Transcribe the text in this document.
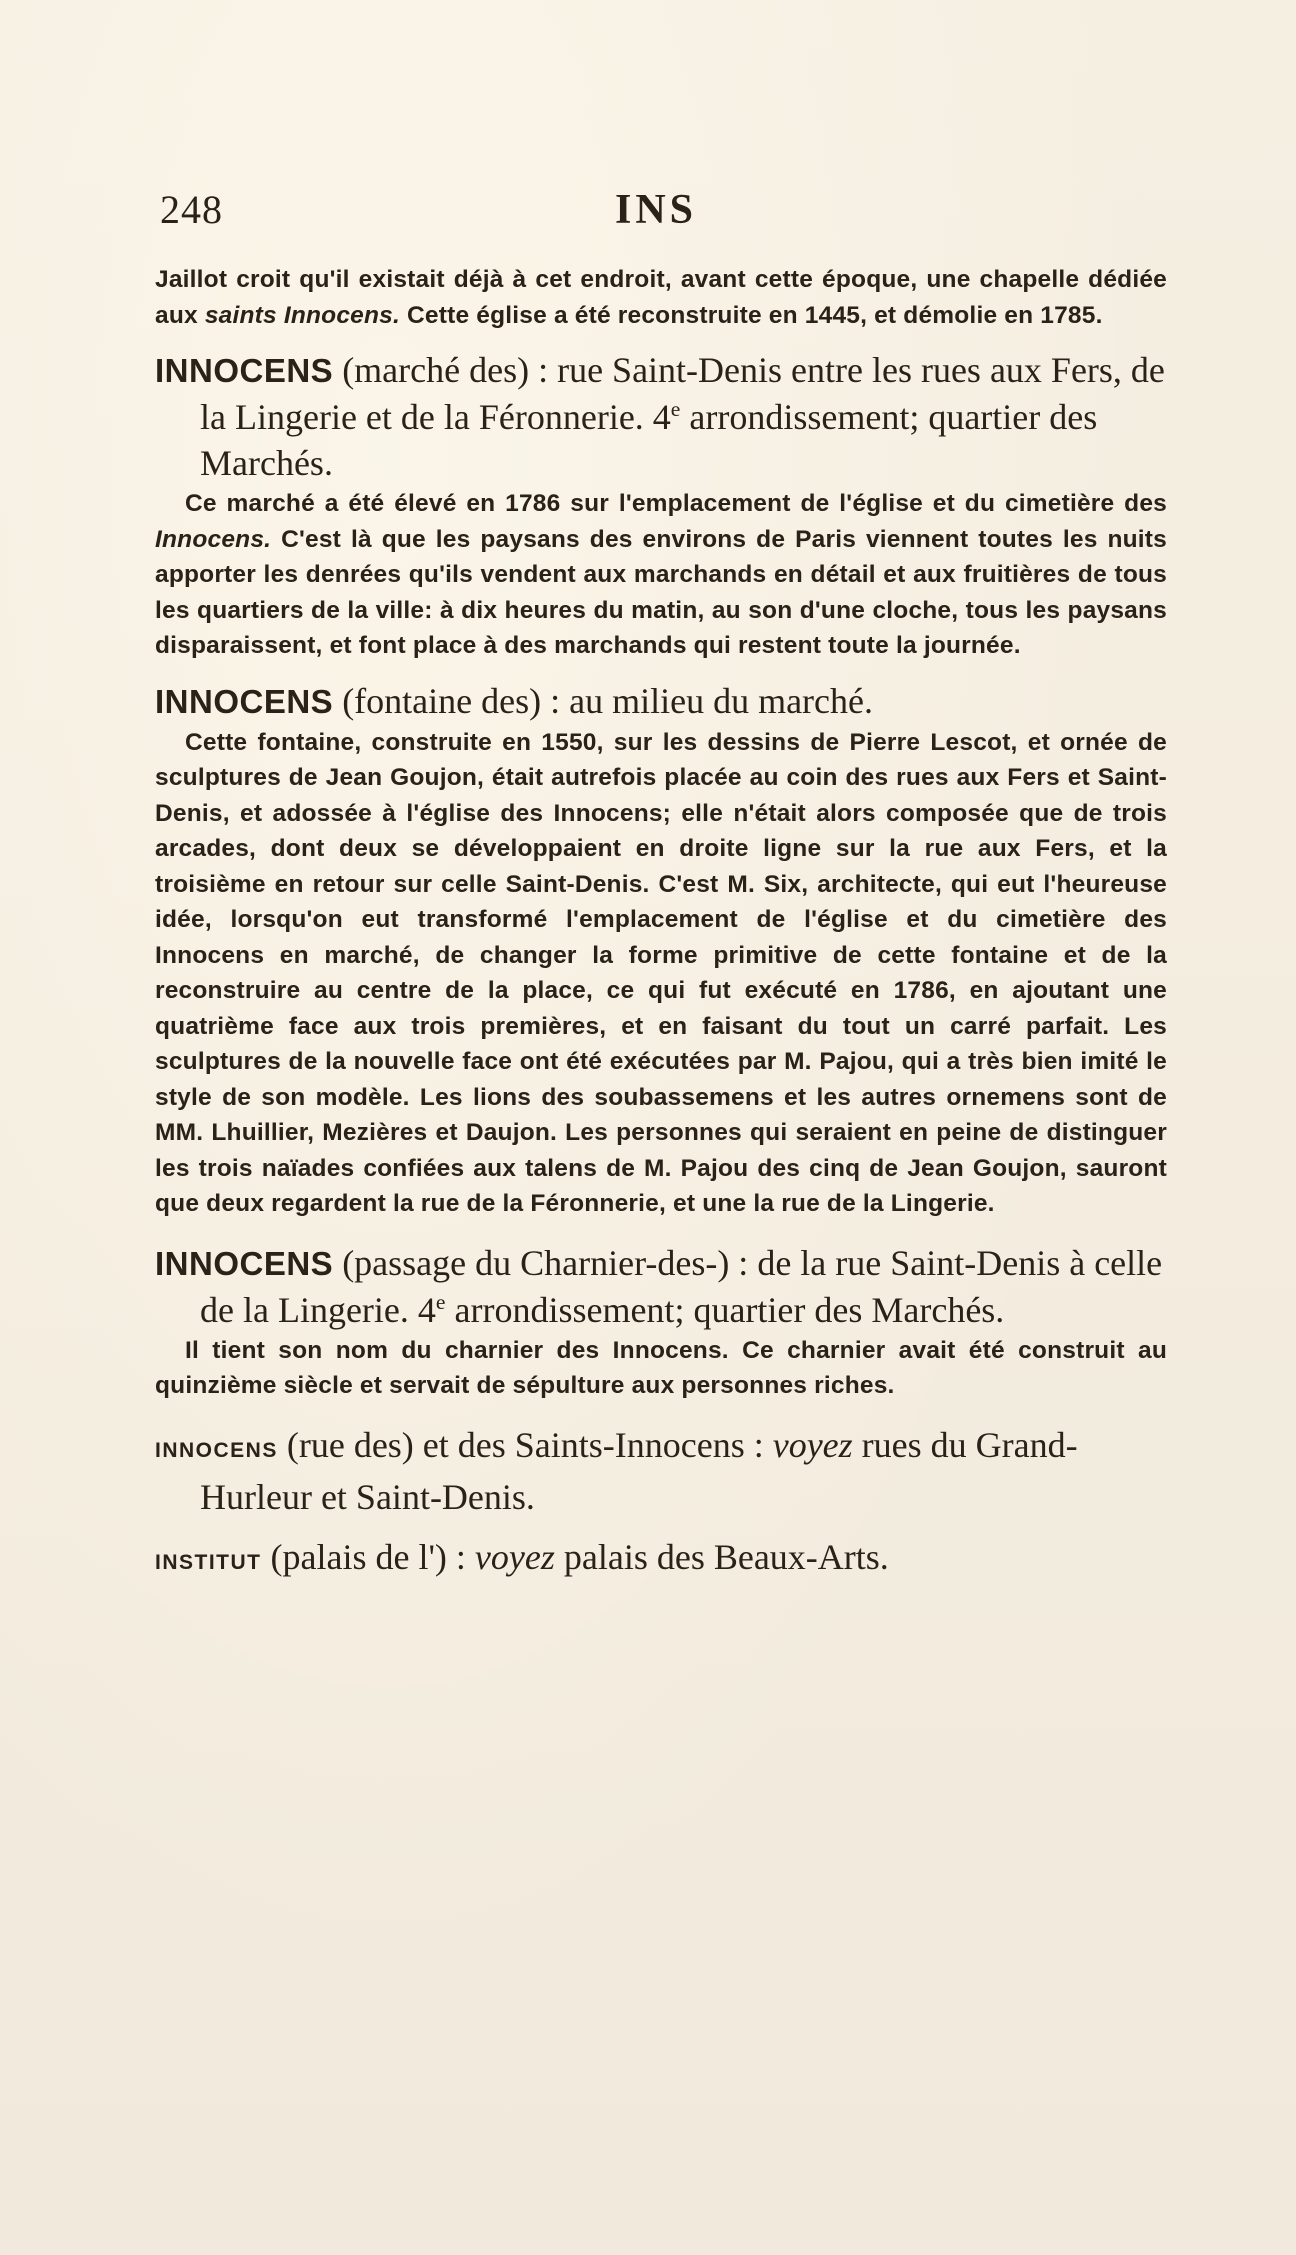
248	INS

Jaillot croit qu'il existait déjà à cet endroit, avant cette époque, une chapelle dédiée aux saints Innocens. Cette église a été reconstruite en 1445, et démolie en 1785.

INNOCENS (marché des) : rue Saint-Denis entre les rues aux Fers, de la Lingerie et de la Féronnerie. 4e arrondissement; quartier des Marchés.

Ce marché a été élevé en 1786 sur l'emplacement de l'église et du cimetière des Innocens. C'est là que les paysans des environs de Paris viennent toutes les nuits apporter les denrées qu'ils vendent aux marchands en détail et aux fruitières de tous les quartiers de la ville: à dix heures du matin, au son d'une cloche, tous les paysans disparaissent, et font place à des marchands qui restent toute la journée.

INNOCENS (fontaine des) : au milieu du marché.

Cette fontaine, construite en 1550, sur les dessins de Pierre Lescot, et ornée de sculptures de Jean Goujon, était autrefois placée au coin des rues aux Fers et Saint-Denis, et adossée à l'église des Innocens; elle n'était alors composée que de trois arcades, dont deux se développaient en droite ligne sur la rue aux Fers, et la troisième en retour sur celle Saint-Denis. C'est M. Six, architecte, qui eut l'heureuse idée, lorsqu'on eut transformé l'emplacement de l'église et du cimetière des Innocens en marché, de changer la forme primitive de cette fontaine et de la reconstruire au centre de la place, ce qui fut exécuté en 1786, en ajoutant une quatrième face aux trois premières, et en faisant du tout un carré parfait. Les sculptures de la nouvelle face ont été exécutées par M. Pajou, qui a très bien imité le style de son modèle. Les lions des soubassemens et les autres ornemens sont de MM. Lhuillier, Mezières et Daujon. Les personnes qui seraient en peine de distinguer les trois naïades confiées aux talens de M. Pajou des cinq de Jean Goujon, sauront que deux regardent la rue de la Féronnerie, et une la rue de la Lingerie.

INNOCENS (passage du Charnier-des-) : de la rue Saint-Denis à celle de la Lingerie. 4e arrondissement; quartier des Marchés.

Il tient son nom du charnier des Innocens. Ce charnier avait été construit au quinzième siècle et servait de sépulture aux personnes riches.

INNOCENS (rue des) et des Saints-Innocens : voyez rues du Grand-Hurleur et Saint-Denis.

INSTITUT (palais de l') : voyez palais des Beaux-Arts.
